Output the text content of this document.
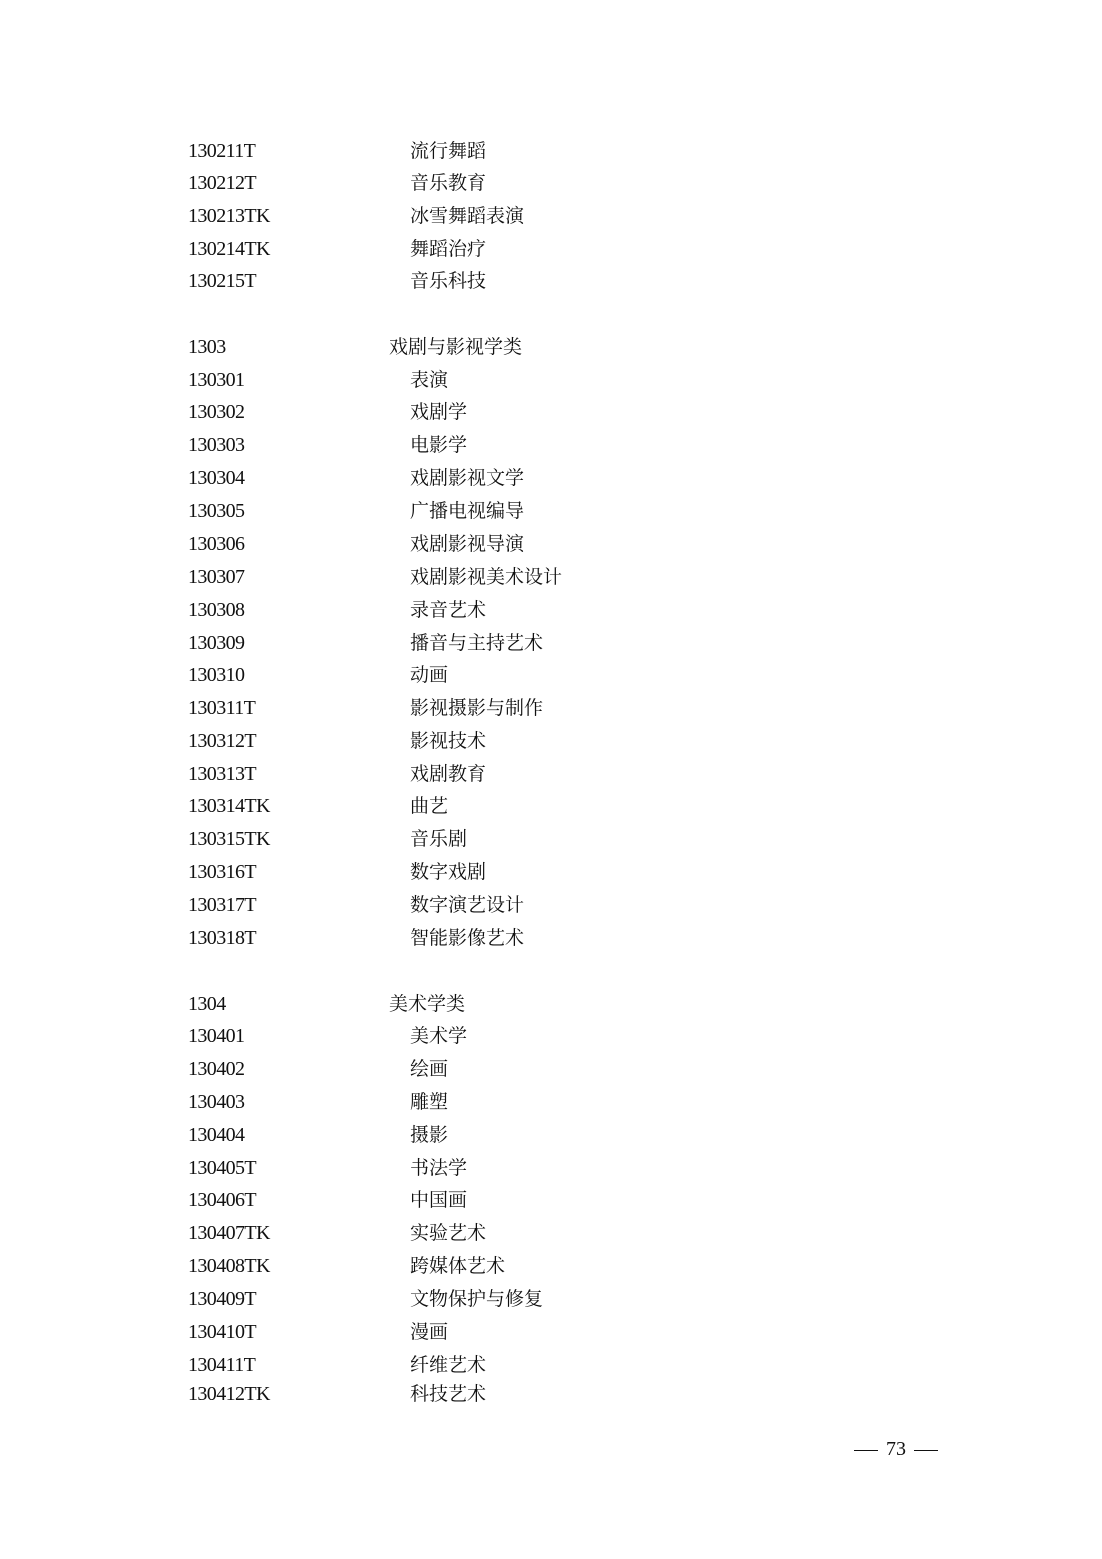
130211T	流行舞蹈
130212T	音乐教育
130213TK	冰雪舞蹈表演
130214TK	舞蹈治疗
130215T	音乐科技
1303	戏剧与影视学类
130301	表演
130302	戏剧学
130303	电影学
130304	戏剧影视文学
130305	广播电视编导
130306	戏剧影视导演
130307	戏剧影视美术设计
130308	录音艺术
130309	播音与主持艺术
130310	动画
130311T	影视摄影与制作
130312T	影视技术
130313T	戏剧教育
130314TK	曲艺
130315TK	音乐剧
130316T	数字戏剧
130317T	数字演艺设计
130318T	智能影像艺术
1304	美术学类
130401	美术学
130402	绘画
130403	雕塑
130404	摄影
130405T	书法学
130406T	中国画
130407TK	实验艺术
130408TK	跨媒体艺术
130409T	文物保护与修复
130410T	漫画
130411T	纤维艺术
130412TK	科技艺术
73
